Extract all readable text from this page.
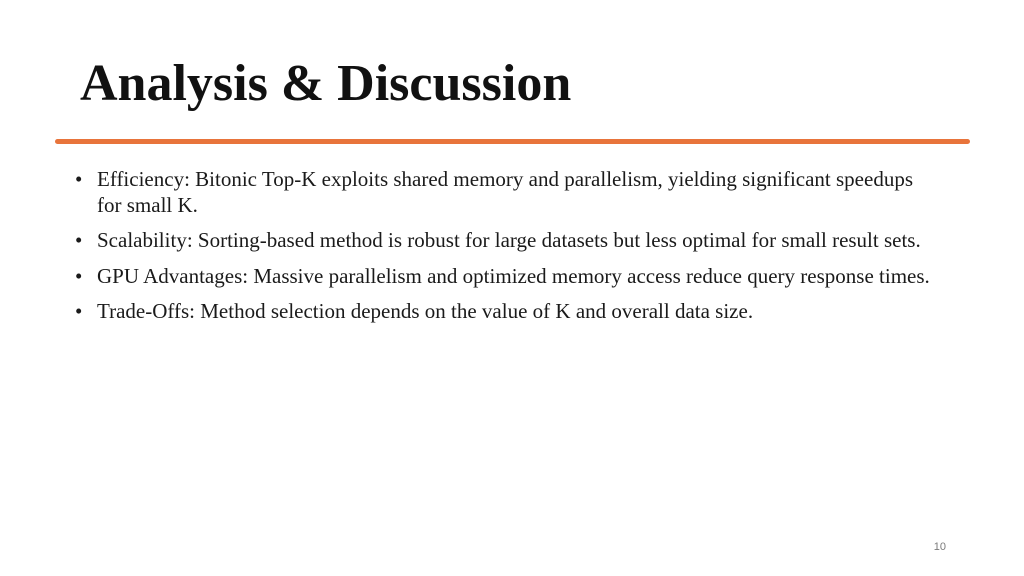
Analysis & Discussion
• Efficiency: Bitonic Top-K exploits shared memory and parallelism, yielding significant speedups for small K.
• Scalability: Sorting-based method is robust for large datasets but less optimal for small result sets.
• GPU Advantages: Massive parallelism and optimized memory access reduce query response times.
• Trade-Offs: Method selection depends on the value of K and overall data size.
10
